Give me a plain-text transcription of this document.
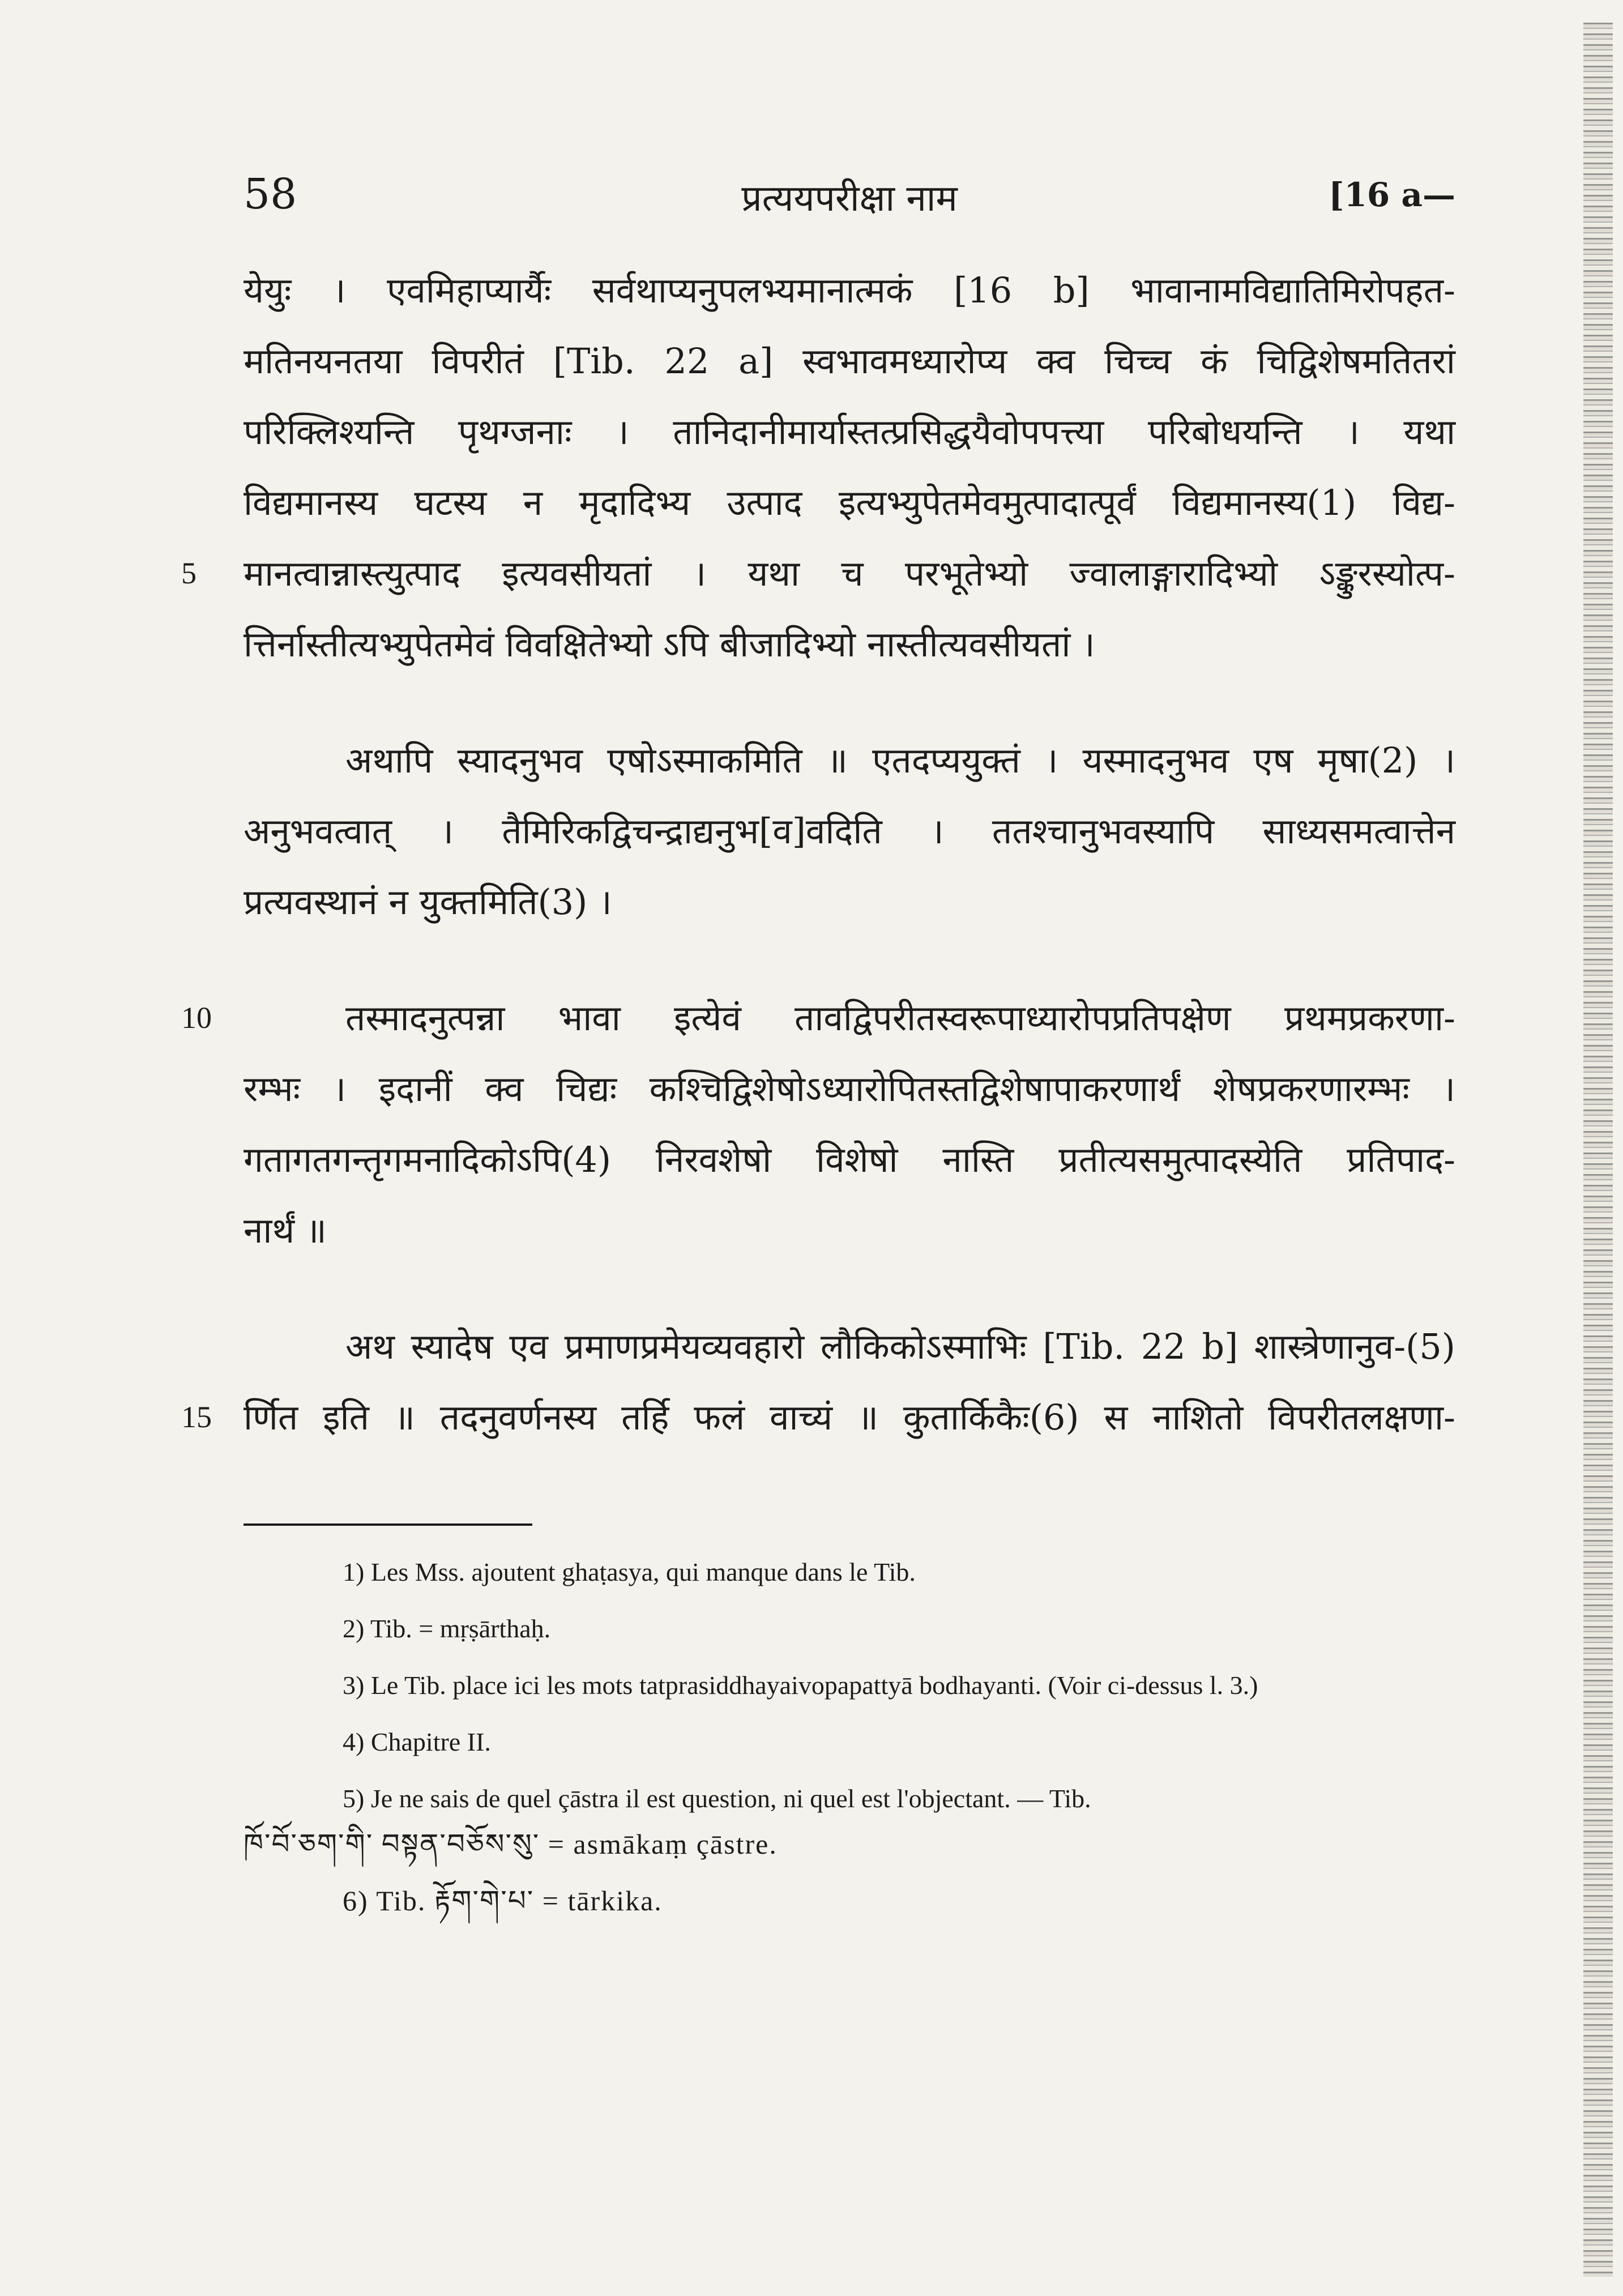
58	प्रत्ययपरीक्षा नाम	[16 a—
येयुः । एवमिहाप्यार्यैः सर्वथाप्यनुपलभ्यमानात्मकं [16 b] भावानामविद्यातिमिरोपहत-
मतिनयनतया विपरीतं [Tib. 22 a] स्वभावमध्यारोप्य क्व चिच्च कं चिद्विशेषमतितरां
परिक्लिश्यन्ति पृथग्जनाः । तानिदानीमार्यास्तत्प्रसिद्धयैवोपपत्त्या परिबोधयन्ति । यथा
विद्यमानस्य घटस्य न मृदादिभ्य उत्पाद इत्यभ्युपेतमेवमुत्पादात्पूर्वं विद्यमानस्य(1) विद्य-
5 मानत्वान्नास्त्युत्पाद इत्यवसीयतां । यथा च परभूतेभ्यो ज्वालाङ्गारादिभ्यो ऽङ्कुरस्योत्प-
त्तिर्नास्तीत्यभ्युपेतमेवं विवक्षितेभ्यो ऽपि बीजादिभ्यो नास्तीत्यवसीयतां ।
अथापि स्यादनुभव एषोऽस्माकमिति ॥ एतदप्ययुक्तं । यस्मादनुभव एष मृषा(2) ।
अनुभवत्वात् । तैमिरिकद्विचन्द्राद्यनुभ[व]वदिति । ततश्चानुभवस्यापि साध्यसमत्वात्तेन
प्रत्यवस्थानं न युक्तमिति(3) ।
10	तस्मादनुत्पन्ना भावा इत्येवं तावद्विपरीतस्वरूपाध्यारोपप्रतिपक्षेण प्रथमप्रकरणा-
रम्भः । इदानीं क्व चिद्यः कश्चिद्विशेषोऽध्यारोपितस्तद्विशेषापाकरणार्थं शेषप्रकरणारम्भः ।
गतागतगन्तृगमनादिकोऽपि(4) निरवशेषो विशेषो नास्ति प्रतीत्यसमुत्पादस्येति प्रतिपाद-
नार्थं ॥
अथ स्यादेष एव प्रमाणप्रमेयव्यवहारो लौकिकोऽस्माभिः [Tib. 22 b] शास्त्रेणानुव-(5)
15 र्णित इति ॥ तदनुवर्णनस्य तर्हि फलं वाच्यं ॥ कुतार्किकैः(6) स नाशितो विपरीतलक्षणा-
1) Les Mss. ajoutent ghaṭasya, qui manque dans le Tib.
2) Tib. = mṛṣārthaḥ.
3) Le Tib. place ici les mots tatprasiddhayaivopapattyā bodhayanti. (Voir ci-dessus l. 3.)
4) Chapitre II.
5) Je ne sais de quel çāstra il est question, ni quel est l'objectant. — Tib.
ཁོ་བོ་ཅག་གི་ བསྟན་བཅོས་སུ་ = asmākaṃ çāstre.
6) Tib. རྟོག་གེ་པ་ = tārkika.
